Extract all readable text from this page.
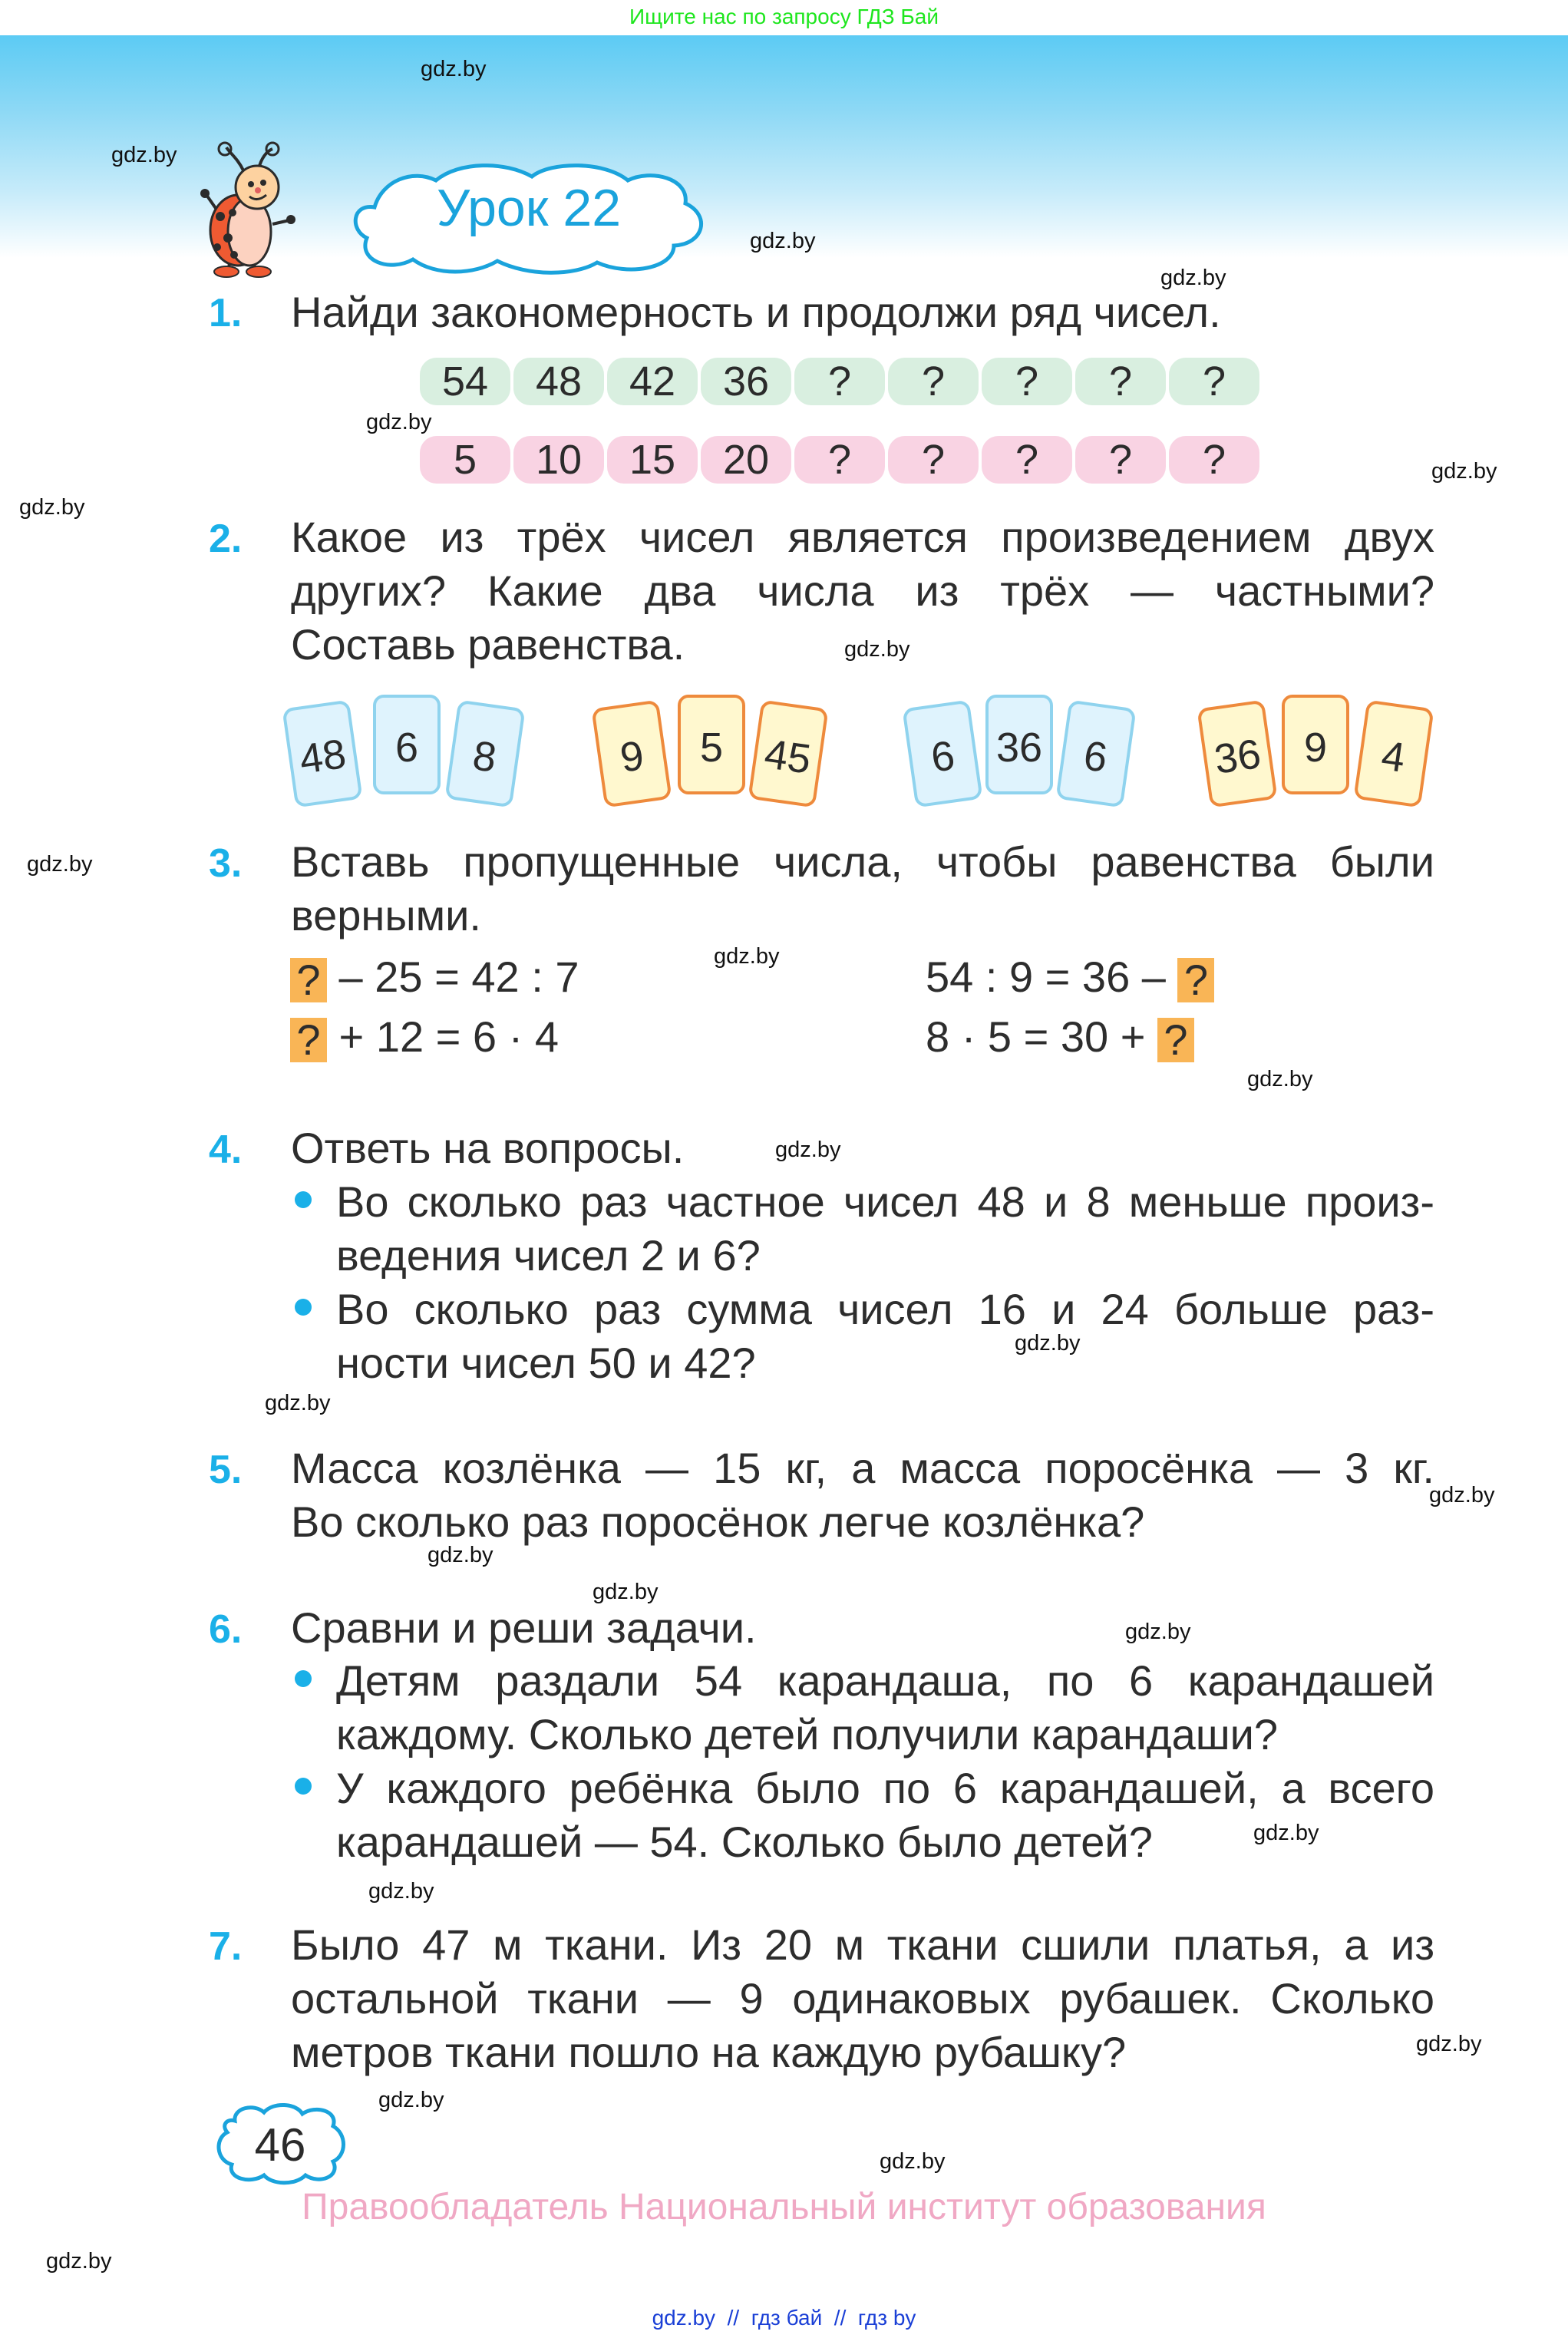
Ищите нас по запросу ГДЗ Бай
Урок 22
gdz.by
gdz.by
gdz.by
gdz.by
gdz.by
gdz.by
gdz.by
gdz.by
gdz.by
gdz.by
gdz.by
gdz.by
gdz.by
gdz.by
gdz.by
gdz.by
gdz.by
gdz.by
gdz.by
gdz.by
gdz.by
gdz.by
gdz.by
gdz.by
1. Найди закономерность и продолжи ряд чисел.
54	48	42	36	?	?	?	?	?
5	10	15	20	?	?	?	?	?
2. Какое из трёх чисел является произведением двух
других? Какие два числа из трёх — частными?
Составь равенства.
48	6	8	9	5 45	6 36 6	36 9	4
3. Вставь пропущенные числа, чтобы равенства были
верными.
? – 25 = 42 : 7
? + 12 = 6 · 4
54 : 9 = 36 – ?
8 · 5 = 30 + ?
4. Ответь на вопросы.
Во сколько раз частное чисел 48 и 8 меньше произ-
ведения чисел 2 и 6?
Во сколько раз сумма чисел 16 и 24 больше раз-
ности чисел 50 и 42?
5. Масса козлёнка — 15 кг, а масса поросёнка — 3 кг.
Во сколько раз поросёнок легче козлёнка?
6. Сравни и реши задачи.
Детям раздали 54 карандаша, по 6 карандашей
каждому. Сколько детей получили карандаши?
У каждого ребёнка было по 6 карандашей, а всего
карандашей — 54. Сколько было детей?
7. Было 47 м ткани. Из 20 м ткани сшили платья, а из
остальной ткани — 9 одинаковых рубашек. Сколько
метров ткани пошло на каждую рубашку?
46
Правообладатель Национальный институт образования
gdz.by  //  гдз бай  //  гдз by
